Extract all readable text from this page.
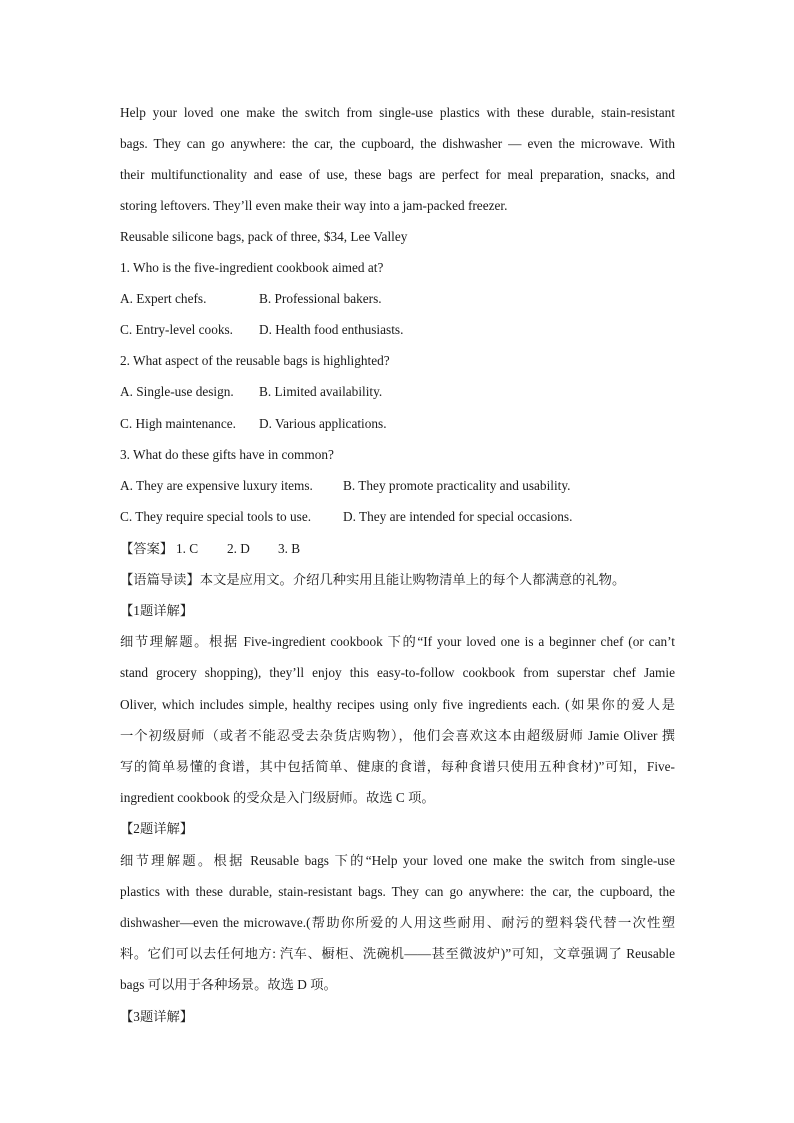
Help your loved one make the switch from single-use plastics with these durable, stain-resistant
bags. They can go anywhere: the car, the cupboard, the dishwasher — even the microwave. With
their multifunctionality and ease of use, these bags are perfect for meal preparation, snacks, and
storing leftovers. They’ll even make their way into a jam-packed freezer.
Reusable silicone bags, pack of three, $34, Lee Valley
1. Who is the five-ingredient cookbook aimed at?
A. Expert chefs.	B. Professional bakers.
C. Entry-level cooks. D. Health food enthusiasts.
2. What aspect of the reusable bags is highlighted?
A. Single-use design. B. Limited availability.
C. High maintenance. D. Various applications.
3. What do these gifts have in common?
A. They are expensive luxury items. B. They promote practicality and usability.
C. They require special tools to use. D. They are intended for special occasions.
【答案】 1. C 2. D 3. B
【语篇导读】本文是应用文。介绍几种实用且能让购物清单上的每个人都满意的礼物。
【1题详解】
细节理解题。根据 Five-ingredient cookbook 下的“If your loved one is a beginner chef (or can’t
stand grocery shopping), they’ll enjoy this easy-to-follow cookbook from superstar chef Jamie
Oliver, which includes simple, healthy recipes using only five ingredients each. (如果你的爱人是
一个初级厨师（或者不能忍受去杂货店购物），他们会喜欢这本由超级厨师 Jamie Oliver 撰
写的简单易懂的食谱，其中包括简单、健康的食谱，每种食谱只使用五种食材)”可知，Five-
ingredient cookbook 的受众是入门级厨师。故选 C 项。
【2题详解】
细节理解题。根据 Reusable bags 下的“Help your loved one make the switch from single-use
plastics with these durable, stain-resistant bags. They can go anywhere: the car, the cupboard, the
dishwasher—even the microwave.(帮助你所爱的人用这些耐用、耐污的塑料袋代替一次性塑
料。它们可以去任何地方: 汽车、橱柜、洗碗机——甚至微波炉)”可知，文章强调了 Reusable
bags 可以用于各种场景。故选 D 项。
【3题详解】
